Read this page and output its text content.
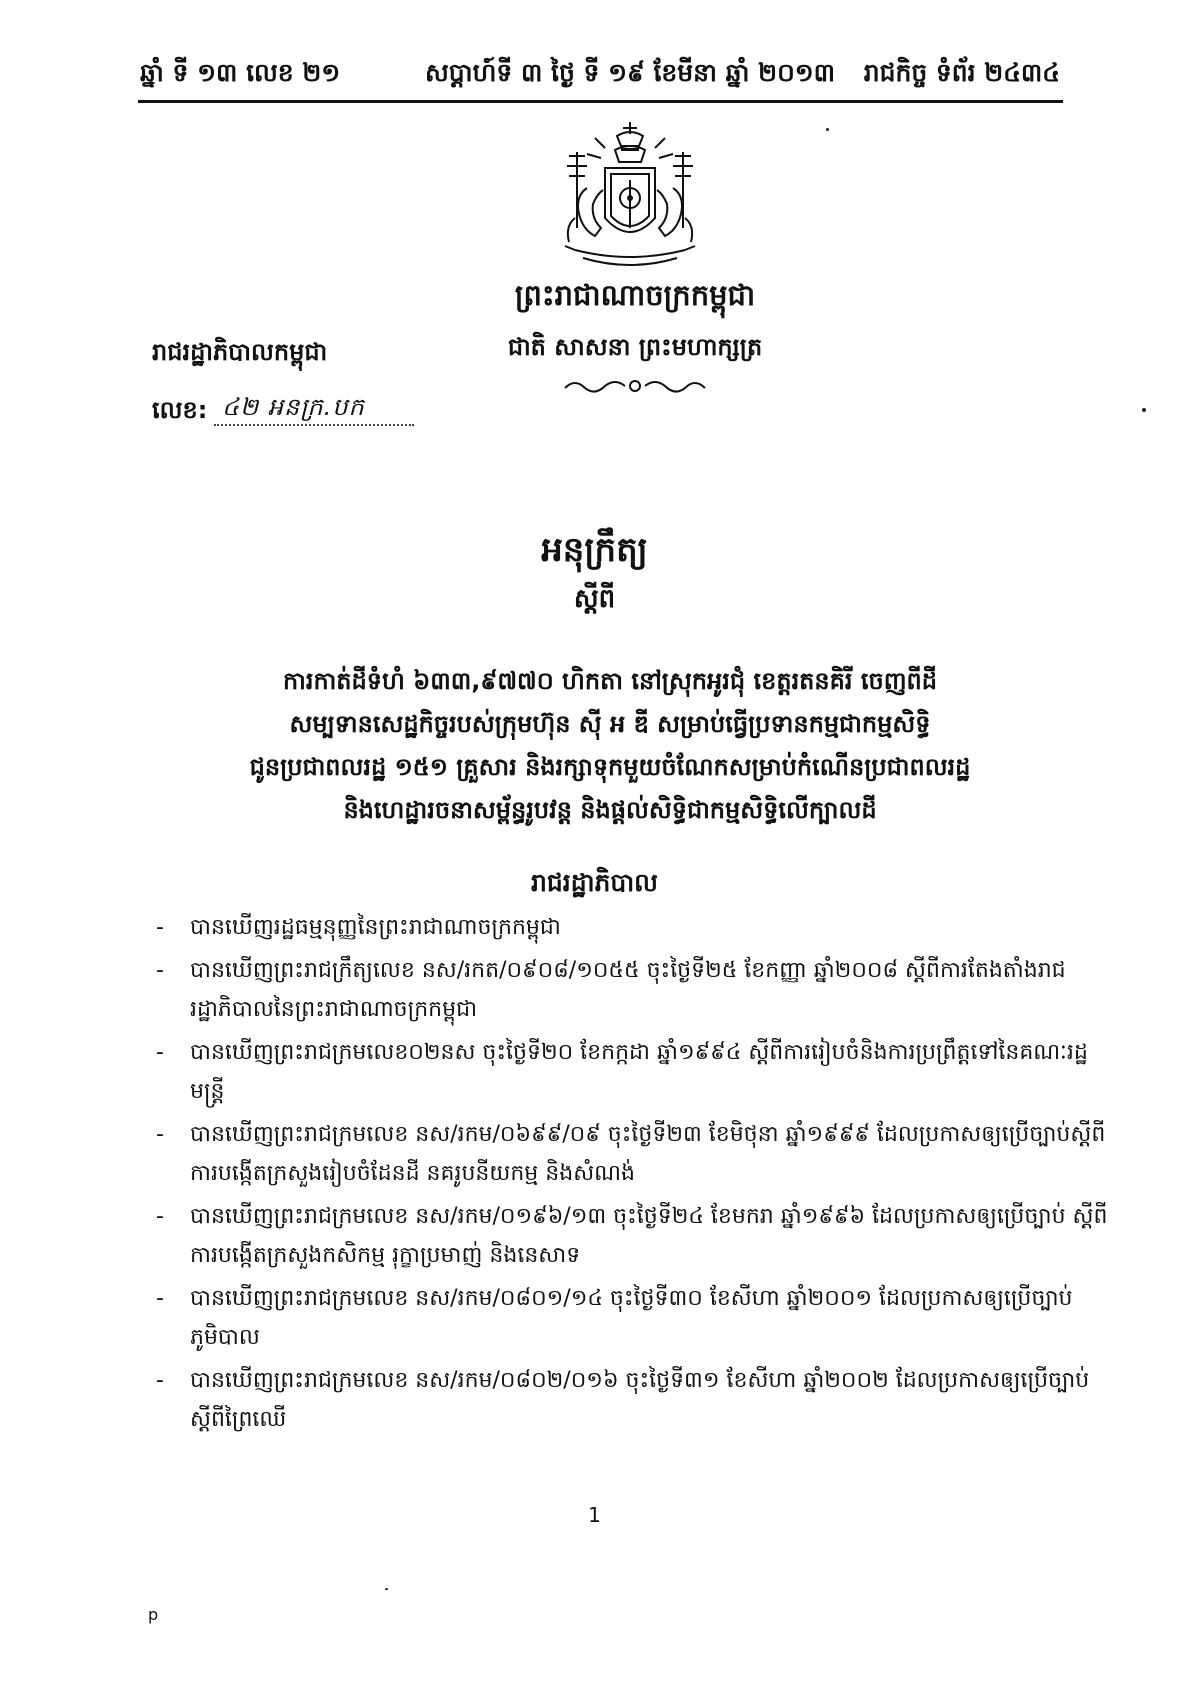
ឆ្នាំ ទី ១៣ លេខ ២១	សប្តាហ៍ទី ៣ ថ្ងៃ ទី ១៩ ខែមីនា ឆ្នាំ ២០១៣ រាជកិច្ច ទំព័រ ២៤៣៤
ព្រះរាជាណាចក្រកម្ពុជា
ជាតិ សាសនា ព្រះមហាក្សត្រ
រាជរដ្ឋាភិបាលកម្ពុជា
លេខ: ៤២ អនក្រ.បក
អនុក្រឹត្យ
ស្តីពី
ការកាត់ដីទំហំ ៦៣៣,៩៧៧០ ហិកតា នៅស្រុកអូរជុំ ខេត្តរតនគិរី ចេញពីដី
សម្បទានសេដ្ឋកិច្ចរបស់ក្រុមហ៊ុន ស៊ី អ ឌី សម្រាប់ធ្វើប្រទានកម្មជាកម្មសិទ្ធិ
ជូនប្រជាពលរដ្ឋ ១៥១ គ្រួសារ និងរក្សាទុកមួយចំណែកសម្រាប់កំណើនប្រជាពលរដ្ឋ
និងហេដ្ឋារចនាសម្ព័ន្ធរូបវន្ត និងផ្តល់សិទ្ធិជាកម្មសិទ្ធិលើក្បាលដី
រាជរដ្ឋាភិបាល
- បានឃើញរដ្ឋធម្មនុញ្ញនៃព្រះរាជាណាចក្រកម្ពុជា
- បានឃើញព្រះរាជក្រឹត្យលេខ នស/រកត/០៩០៨/១០៥៥ ចុះថ្ងៃទី២៥ ខែកញ្ញា ឆ្នាំ២០០៨ ស្តីពីការតែងតាំងរាជរដ្ឋាភិបាលនៃព្រះរាជាណាចក្រកម្ពុជា
- បានឃើញព្រះរាជក្រមលេខ០២នស ចុះថ្ងៃទី២០ ខែកក្កដា ឆ្នាំ១៩៩៤ ស្តីពីការរៀបចំនិងការប្រព្រឹត្តទៅនៃគណៈរដ្ឋមន្ត្រី
- បានឃើញព្រះរាជក្រមលេខ នស/រកម/០៦៩៩/០៩ ចុះថ្ងៃទី២៣ ខែមិថុនា ឆ្នាំ១៩៩៩ ដែលប្រកាសឲ្យប្រើច្បាប់ស្តីពីការបង្កើតក្រសួងរៀបចំដែនដី នគរូបនីយកម្ម និងសំណង់
- បានឃើញព្រះរាជក្រមលេខ នស/រកម/០១៩៦/១៣ ចុះថ្ងៃទី២៤ ខែមករា ឆ្នាំ១៩៩៦ ដែលប្រកាសឲ្យប្រើច្បាប់ ស្តីពីការបង្កើតក្រសួងកសិកម្ម រុក្ខាប្រមាញ់ និងនេសាទ
- បានឃើញព្រះរាជក្រមលេខ នស/រកម/០៨០១/១៤ ចុះថ្ងៃទី៣០ ខែសីហា ឆ្នាំ២០០១ ដែលប្រកាសឲ្យប្រើច្បាប់ភូមិបាល
- បានឃើញព្រះរាជក្រមលេខ នស/រកម/០៨០២/០១៦ ចុះថ្ងៃទី៣១ ខែសីហា ឆ្នាំ២០០២ ដែលប្រកាសឲ្យប្រើច្បាប់ស្តីពីព្រៃឈើ
1
p
